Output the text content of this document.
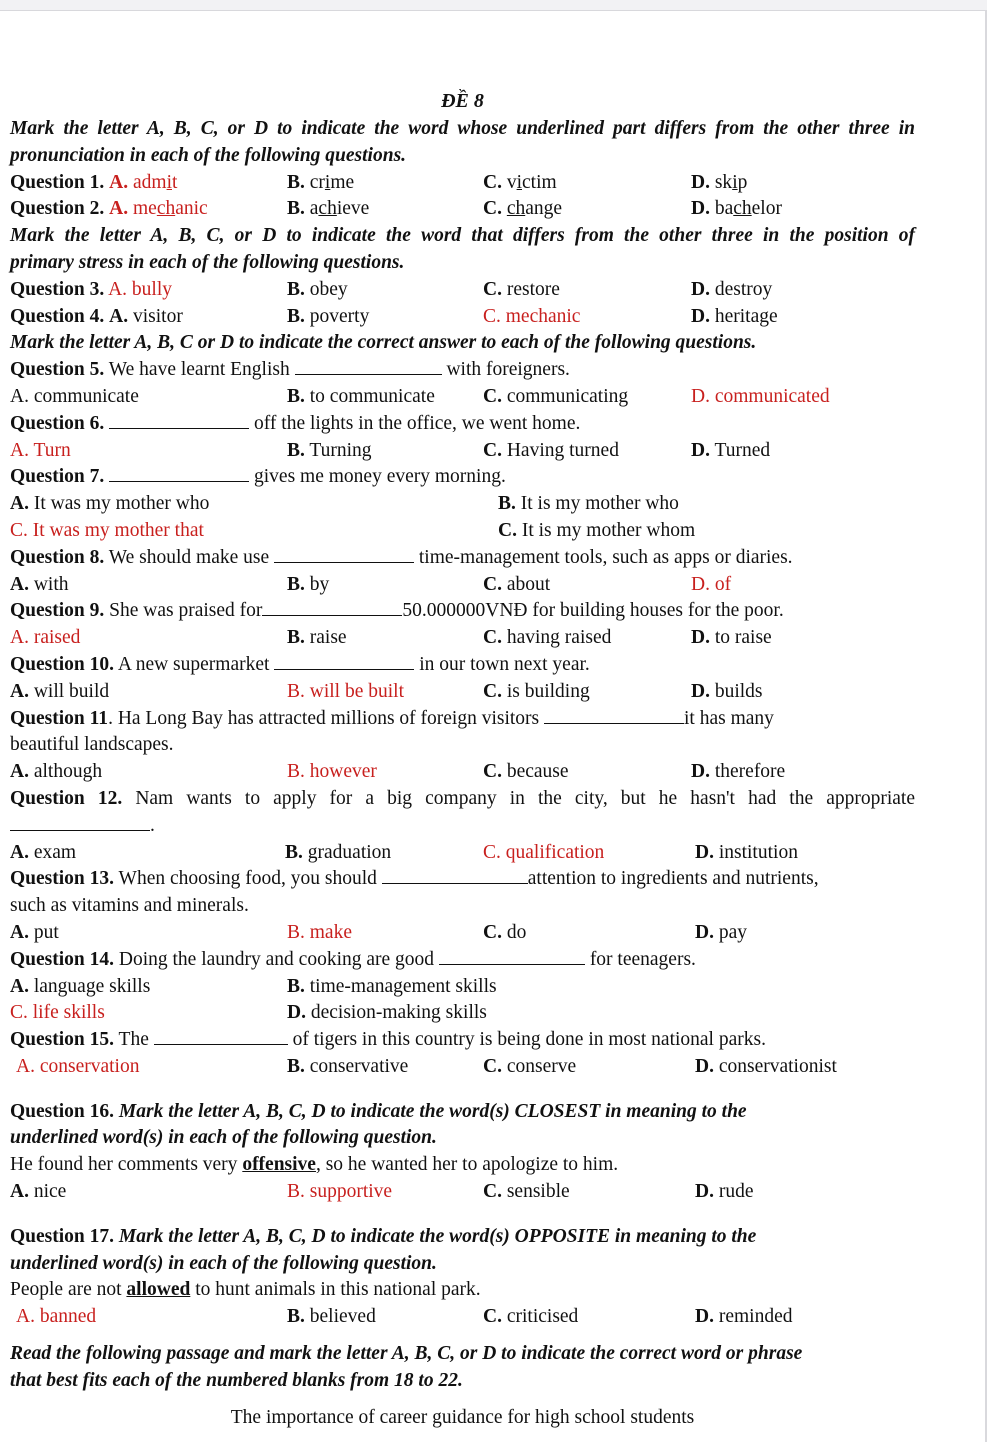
ĐỀ 8
Mark the letter A, B, C, or D to indicate the word whose underlined part differs from the other three in
pronunciation in each of the following questions.
Question 1. A. admit	B. crime	C. victim	D. skip
Question 2. A. mechanic	B. achieve	C. change	D. bachelor
Mark the letter A, B, C, or D to indicate the word that differs from the other three in the position of
primary stress in each of the following questions.
Question 3. A. bully	B. obey	C. restore	D. destroy
Question 4. A. visitor	B. poverty	C. mechanic	D. heritage
Mark the letter A, B, C or D to indicate the correct answer to each of the following questions.
Question 5. We have learnt English	with foreigners.
A. communicate	B. to communicate C. communicating	D. communicated
Question 6.	off the lights in the office, we went home.
A. Turn	B. Turning	C. Having turned	D. Turned
Question 7.	gives me money every morning.
A. It was my mother who	B. It is my mother who
C. It was my mother that	C. It is my mother whom
Question 8. We should make use	time-management tools, such as apps or diaries.
A. with	B. by	C. about	D. of
Question 9. She was praised for	50.000000VNĐ for building houses for the poor.
A. raised	B. raise	C. having raised	D. to raise
Question 10. A new supermarket	in our town next year.
A. will build	B. will be built	C. is building	D. builds
Question 11. Ha Long Bay has attracted millions of foreign visitors	it has many
beautiful landscapes.
A. although	B. however	C. because	D. therefore
Question 12. Nam wants to apply for a big company in the city, but he hasn't had the appropriate
.
A. exam	B. graduation	C. qualification	D. institution
Question 13. When choosing food, you should	attention to ingredients and nutrients,
such as vitamins and minerals.
A. put	B. make	C. do	D. pay
Question 14. Doing the laundry and cooking are good	for teenagers.
A. language skills	B. time-management skills
C. life skills	D. decision-making skills
Question 15. The	of tigers in this country is being done in most national parks.
A. conservation	B. conservative	C. conserve	D. conservationist
Question 16. Mark the letter A, B, C, D to indicate the word(s) CLOSEST in meaning to the
underlined word(s) in each of the following question.
He found her comments very offensive, so he wanted her to apologize to him.
A. nice	B. supportive	C. sensible	D. rude
Question 17. Mark the letter A, B, C, D to indicate the word(s) OPPOSITE in meaning to the
underlined word(s) in each of the following question.
People are not allowed to hunt animals in this national park.
A. banned	B. believed	C. criticised	D. reminded
Read the following passage and mark the letter A, B, C, or D to indicate the correct word or phrase
that best fits each of the numbered blanks from 18 to 22.
The importance of career guidance for high school students
